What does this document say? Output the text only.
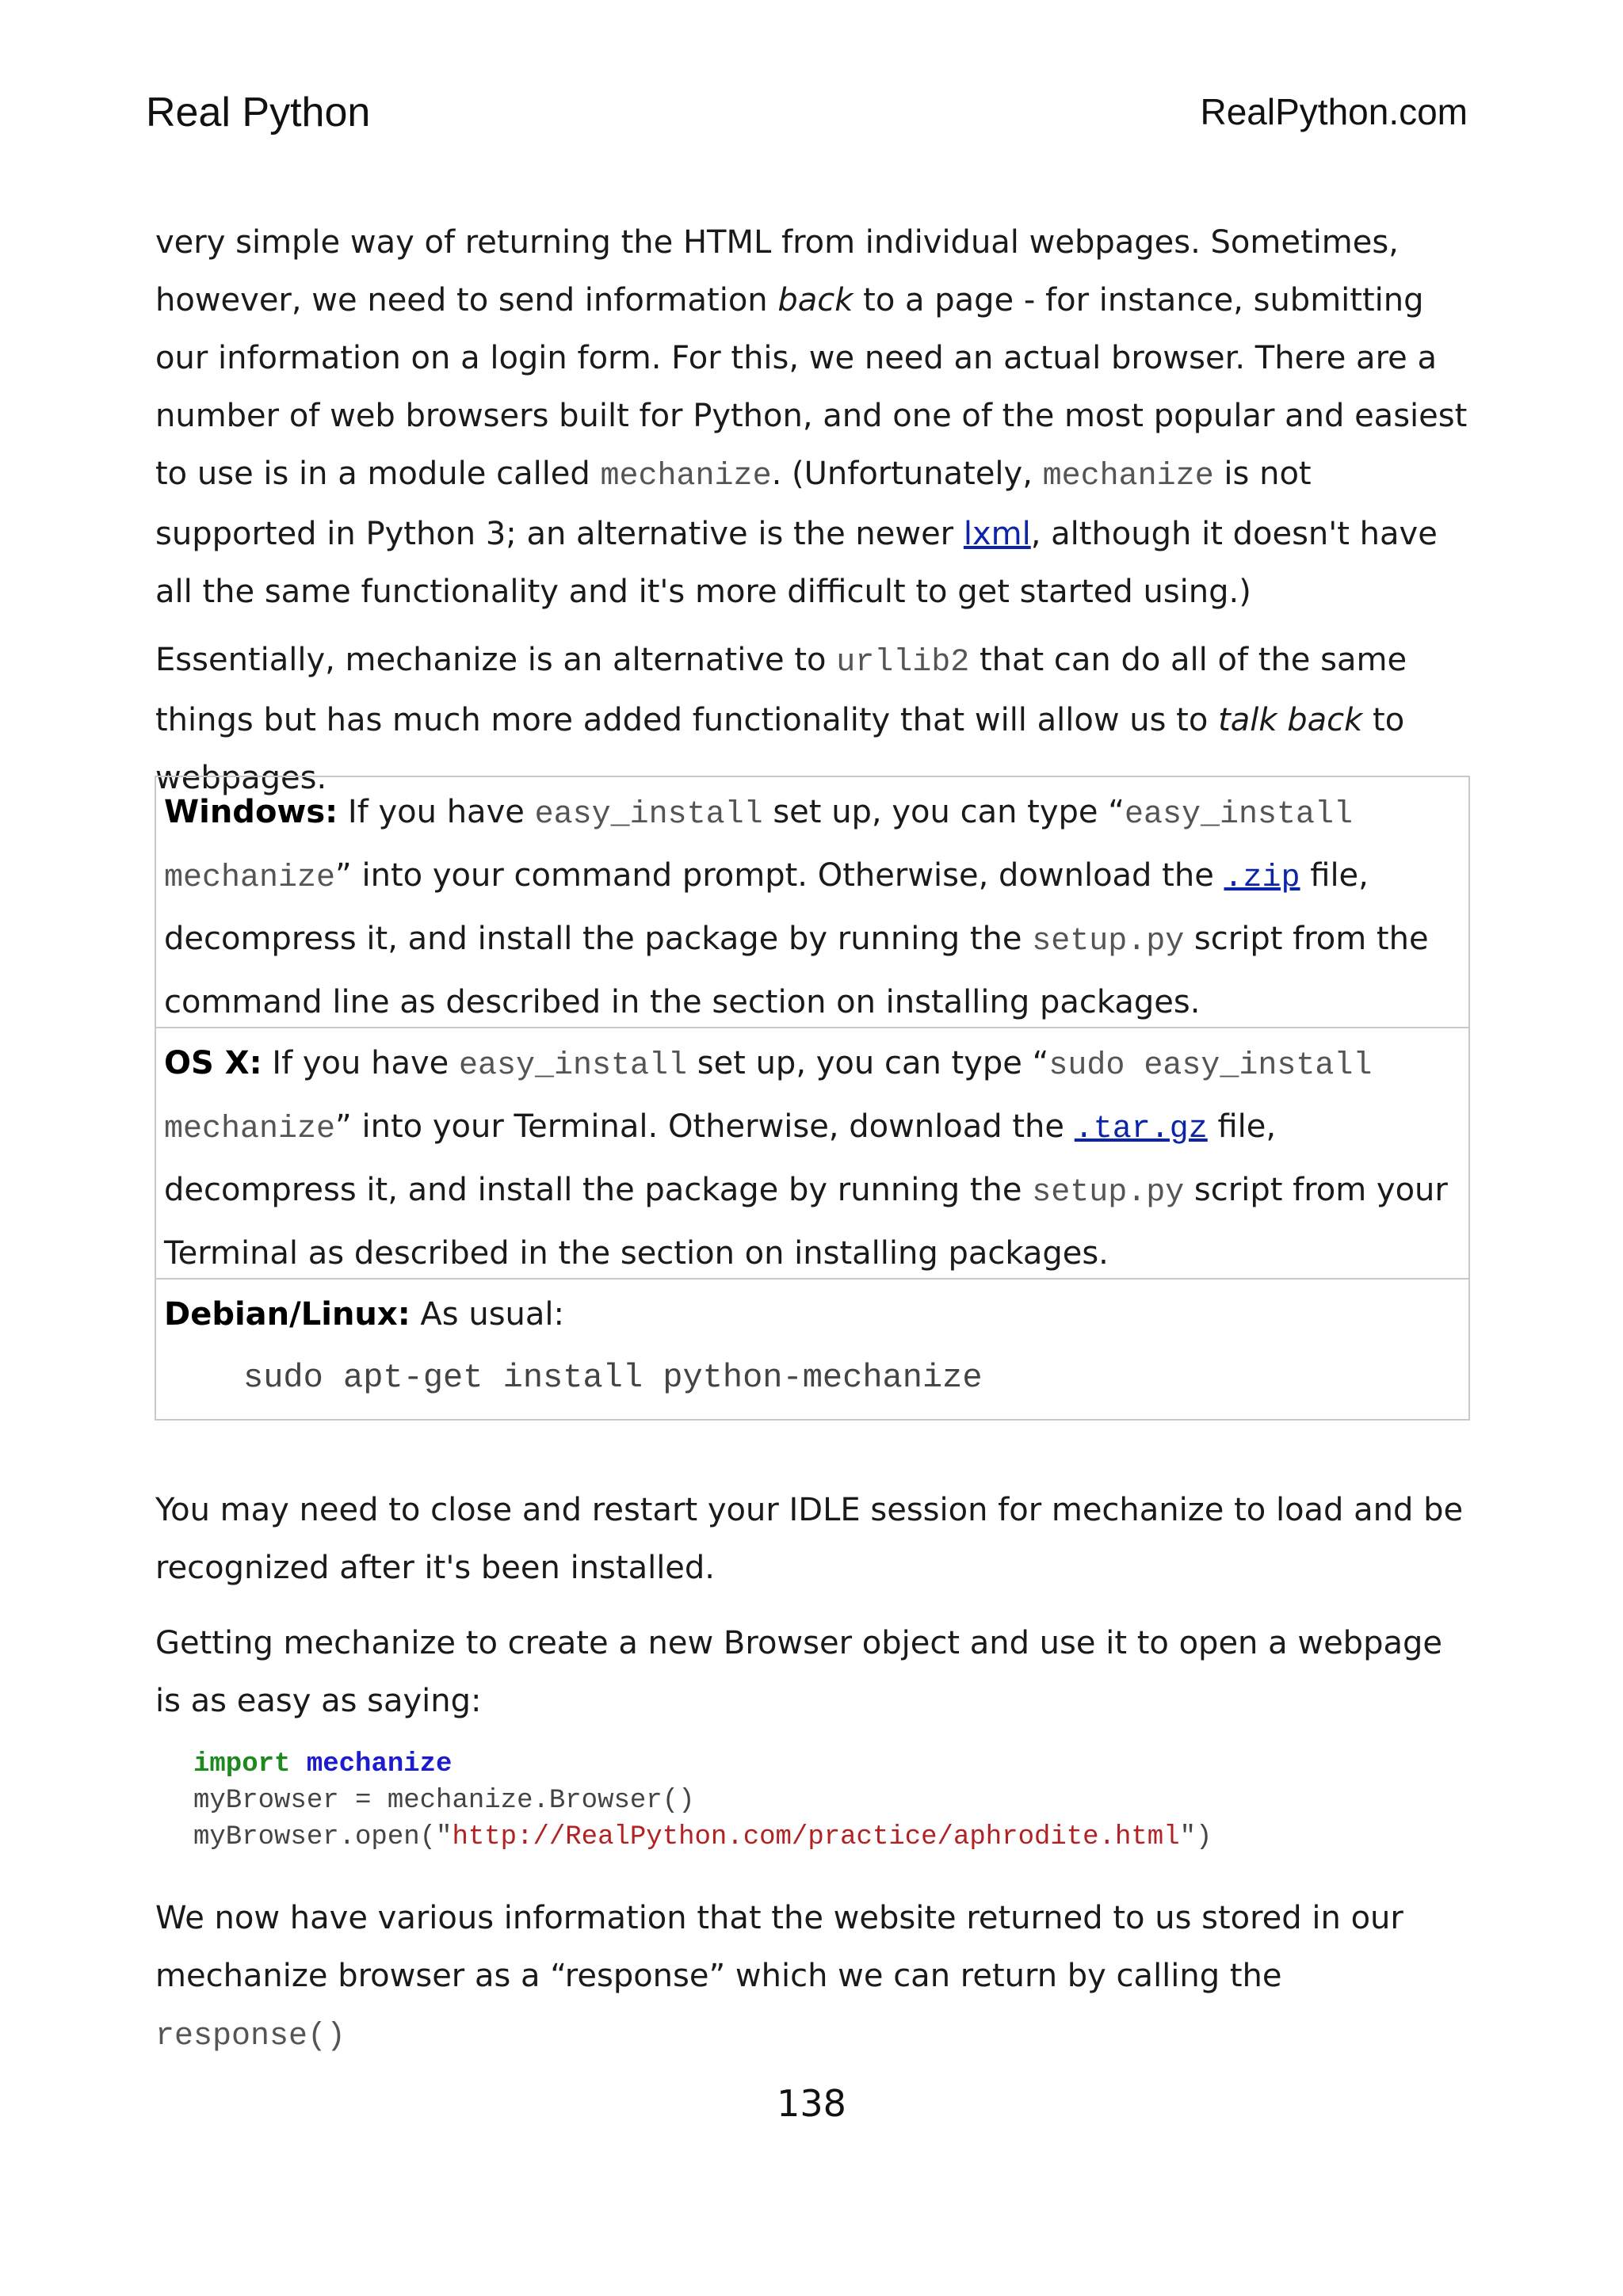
Real Python	RealPython.com

very simple way of returning the HTML from individual webpages. Sometimes, however, we need to send information back to a page - for instance, submitting our information on a login form. For this, we need an actual browser. There are a number of web browsers built for Python, and one of the most popular and easiest to use is in a module called mechanize. (Unfortunately, mechanize is not supported in Python 3; an alternative is the newer lxml, although it doesn't have all the same functionality and it's more difficult to get started using.)

Essentially, mechanize is an alternative to urllib2 that can do all of the same things but has much more added functionality that will allow us to talk back to webpages.

Windows: If you have easy_install set up, you can type “easy_install mechanize” into your command prompt. Otherwise, download the .zip file, decompress it, and install the package by running the setup.py script from the command line as described in the section on installing packages.

OS X: If you have easy_install set up, you can type “sudo easy_install mechanize” into your Terminal. Otherwise, download the .tar.gz file, decompress it, and install the package by running the setup.py script from your Terminal as described in the section on installing packages.

Debian/Linux: As usual:

sudo apt-get install python-mechanize

You may need to close and restart your IDLE session for mechanize to load and be recognized after it's been installed.

Getting mechanize to create a new Browser object and use it to open a webpage is as easy as saying:

import mechanize
myBrowser = mechanize.Browser()
myBrowser.open("http://RealPython.com/practice/aphrodite.html")

We now have various information that the website returned to us stored in our mechanize browser as a “response” which we can return by calling the response()

138
